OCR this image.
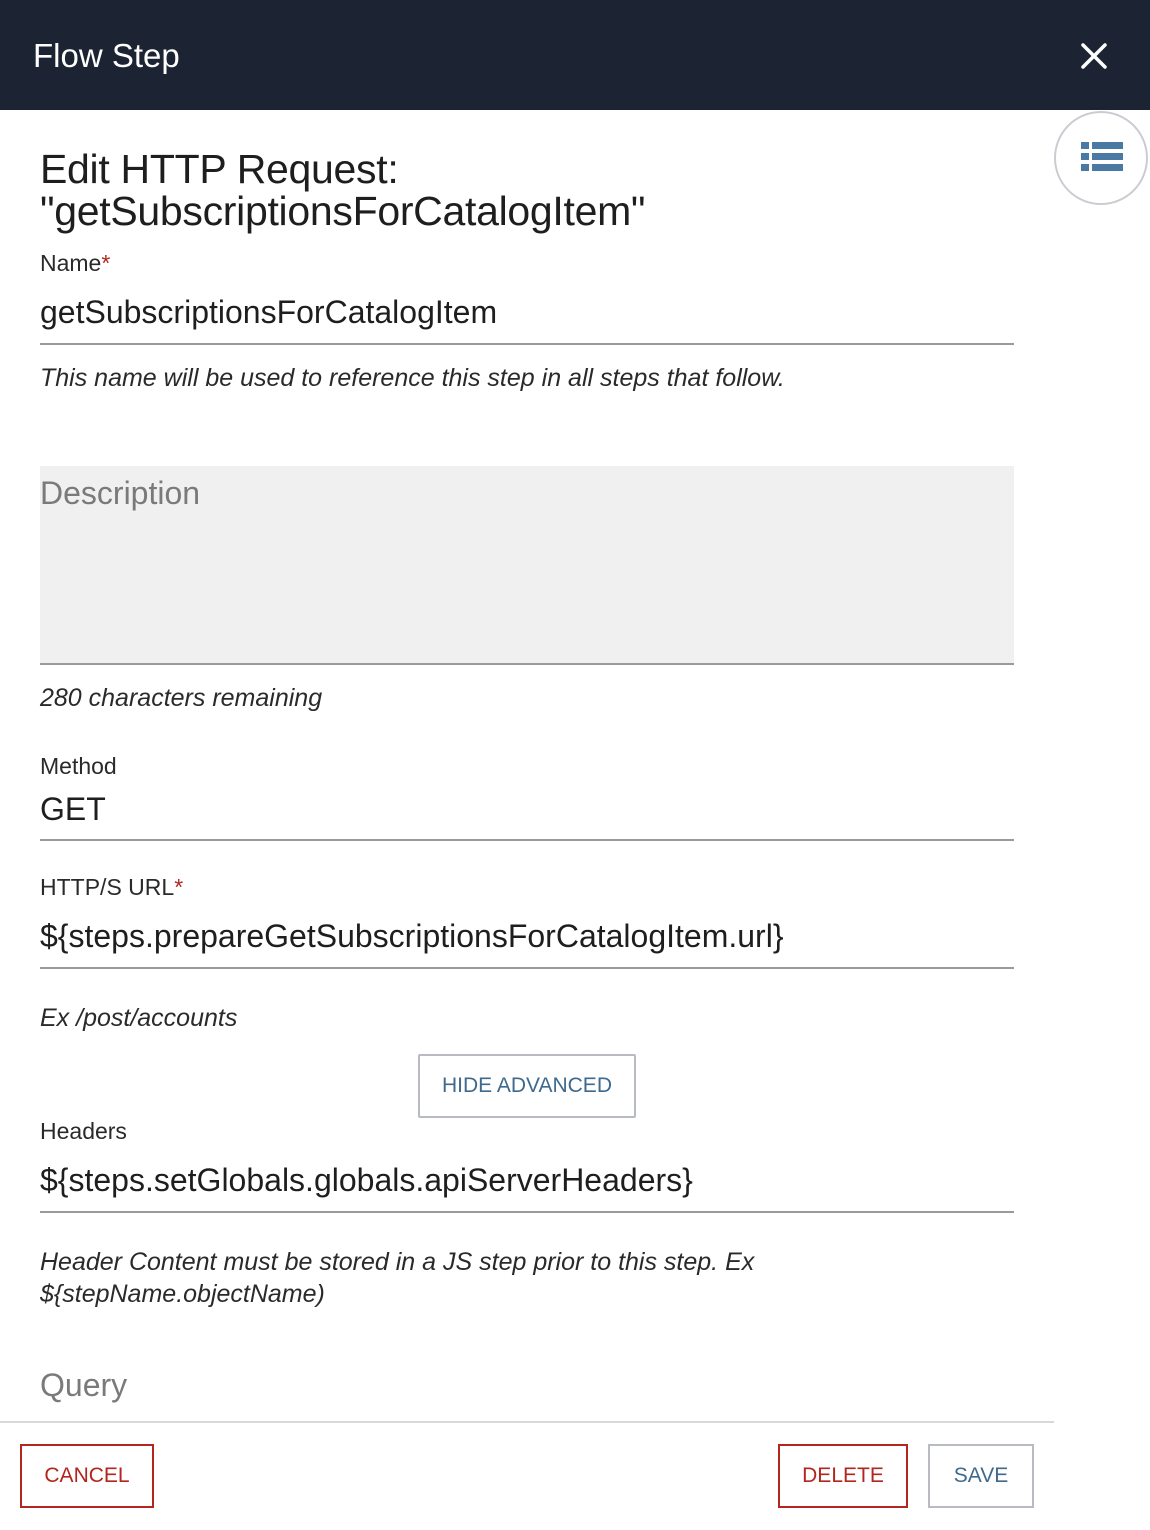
Flow Step
Edit HTTP Request:
"getSubscriptionsForCatalogItem"
Name*
getSubscriptionsForCatalogItem
This name will be used to reference this step in all steps that follow.
Description
280 characters remaining
Method
GET
HTTP/S URL*
${steps.prepareGetSubscriptionsForCatalogItem.url}
Ex /post/accounts
HIDE ADVANCED
Headers
${steps.setGlobals.globals.apiServerHeaders}
Header Content must be stored in a JS step prior to this step. Ex
${stepName.objectName)
Query
CANCEL	DELETE	SAVE
